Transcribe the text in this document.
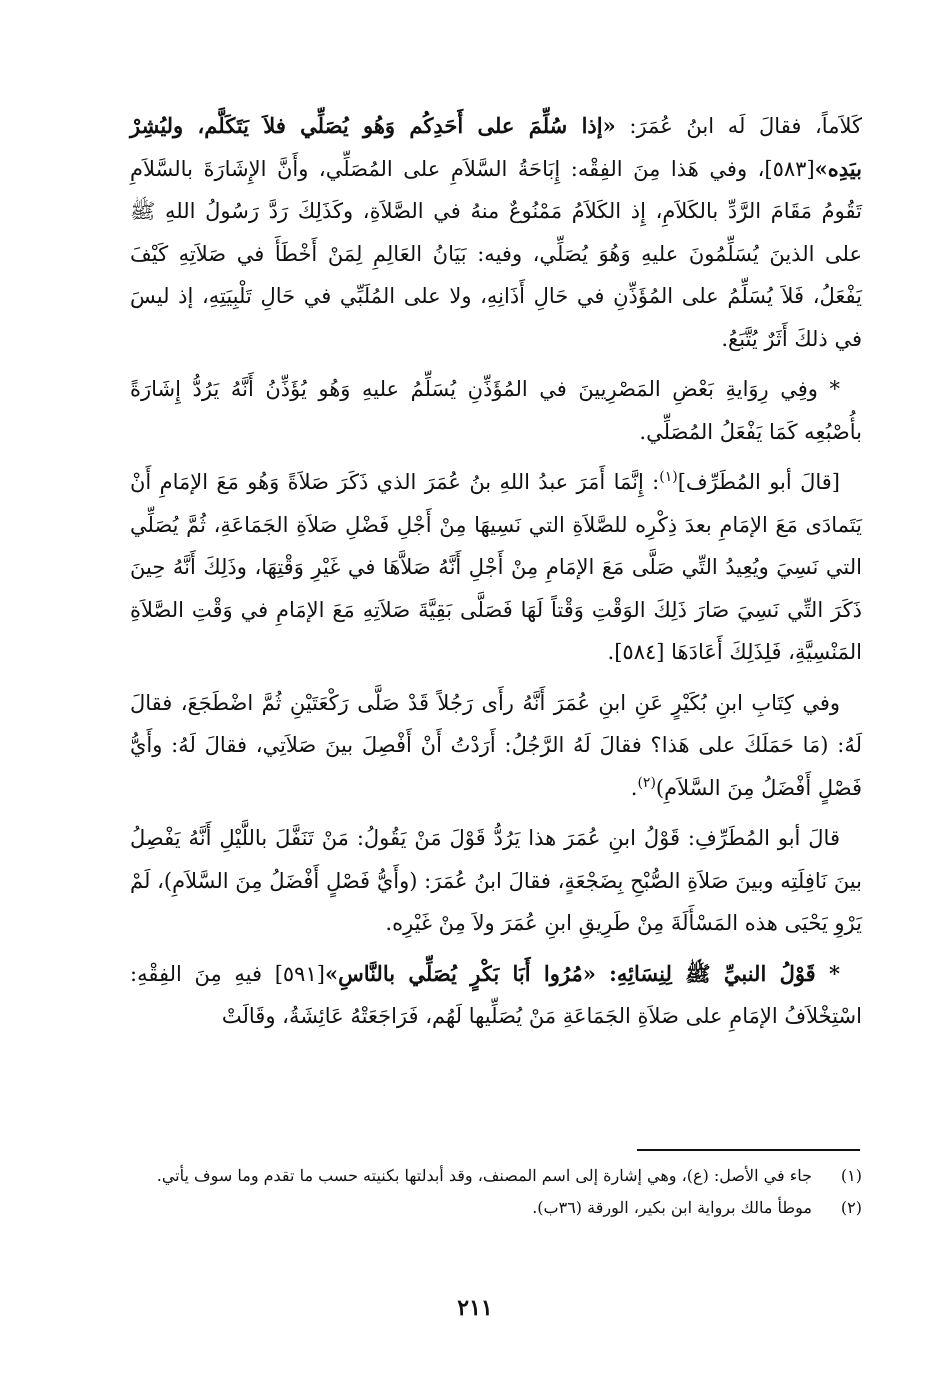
كَلاَماً، فقالَ لَه ابنُ عُمَرَ: «إذا سُلِّمَ على أَحَدِكُم وَهُو يُصَلِّي فلاَ يَتَكَلَّم، وليُشِرْ بيَدِه»[٥٨٣]، وفي هَذا مِنَ الفِقْه: إِبَاحَةُ السَّلاَمِ على المُصَلِّي، وأَنَّ الإِشَارَةَ بالسَّلاَمِ تَقُومُ مَقَامَ الرَّدِّ بالكَلاَمِ، إِذ الكَلاَمُ مَمْنُوعٌ منهُ في الصَّلاَةِ، وكَذَلِكَ رَدَّ رَسُولُ اللهِ ﷺ على الذينَ يُسَلِّمُونَ عليهِ وَهُوَ يُصَلِّي، وفيه: بَيَانُ العَالِمِ لِمَنْ أَخْطَأَ في صَلاَتِهِ كَيْفَ يَفْعَلُ، فَلاَ يُسَلِّمُ على المُؤَذِّنِ في حَالِ أَذَانِهِ، ولا على المُلَبِّي في حَالِ تَلْبِيَتِهِ، إذ ليسَ في ذلكَ أَثَرٌ يُتَّبَعُ.

* وفِي رِوَايةِ بَعْضِ المَصْرِيينَ في المُؤَذِّنِ يُسَلِّمُ عليهِ وَهُو يُؤَذِّنُ أَنَّهُ يَرُدُّ إِشَارَةً بأُصْبُعِه كَمَا يَفْعَلُ المُصَلِّي.

[قالَ أبو المُطَرِّف]$^{(١)}$: إِنَّمَا أَمَرَ عبدُ اللهِ بنُ عُمَرَ الذي ذَكَرَ صَلاَةً وَهُو مَعَ الإمَامِ أَنْ يَتَمادَى مَعَ الإمَامِ بعدَ ذِكْرِه للصَّلاَةِ التي نَسِيهَا مِنْ أَجْلِ فَضْلِ صَلاَةِ الجَمَاعَةِ، ثُمَّ يُصَلِّي التي نَسِيَ ويُعِيدُ التِّي صَلَّى مَعَ الإمَامِ مِنْ أَجْلِ أَنَّهُ صَلاَّهَا في غَيْرِ وَقْتِهَا، وذَلِكَ أَنَّهُ حِينَ ذَكَرَ التِّي نَسِيَ صَارَ ذَلِكَ الوَقْتِ وَقْتاً لَهَا فَصَلَّى بَقِيَّةَ صَلاَتِهِ مَعَ الإمَامِ في وَقْتِ الصَّلاَةِ المَنْسِيَّةِ، فَلِذَلِكَ أَعَادَهَا [٥٨٤].

وفي كِتَابِ ابنِ بُكَيْرٍ عَنِ ابنِ عُمَرَ أَنَّهُ رأَى رَجُلاً قَدْ صَلَّى رَكْعَتَيْنِ ثُمَّ اضْطَجَعَ، فقالَ لَهُ: (مَا حَمَلَكَ على هَذا؟ فقالَ لَهُ الرَّجُلُ: أَرَدْتُ أَنْ أَفْصِلَ بينَ صَلاَتِي، فقالَ لَهُ: وأَيُّ فَصْلٍ أَفْضَلُ مِنَ السَّلاَمِ)$^{(٢)}$.

قالَ أبو المُطَرِّفِ: قَوْلُ ابنِ عُمَرَ هذا يَرُدُّ قَوْلَ مَنْ يَقُولُ: مَنْ تَنَفَّلَ باللَّيْلِ أَنَّهُ يَفْصِلُ بينَ نَافِلَتِه وبينَ صَلاَةِ الصُّبْحِ بِضَجْعَةٍ، فقالَ ابنُ عُمَرَ: (وأَيُّ فَصْلٍ أَفْضَلُ مِنَ السَّلاَمِ)، لَمْ يَرْوِ يَحْيَى هذه المَسْأَلَةَ مِنْ طَرِيقِ ابنِ عُمَرَ ولاَ مِنْ غَيْرِه.

* قَوْلُ النبيِّ ﷺ لِنِسَائِهِ: «مُرُوا أَبَا بَكْرٍ يُصَلِّي بالنَّاسِ»[٥٩١] فيهِ مِنَ الفِقْهِ: اسْتِخْلاَفُ الإمَامِ على صَلاَةِ الجَمَاعَةِ مَنْ يُصَلِّيها لَهُم، فَرَاجَعَتْهُ عَائِشَةُ، وقَالَتْ

(١)
جاء في الأصل: (ع)، وهي إشارة إلى اسم المصنف، وقد أبدلتها بكنيته حسب ما تقدم وما سوف يأتي.
(٢)
موطأ مالك برواية ابن بكير، الورقة (٣٦ب).
٢١١
